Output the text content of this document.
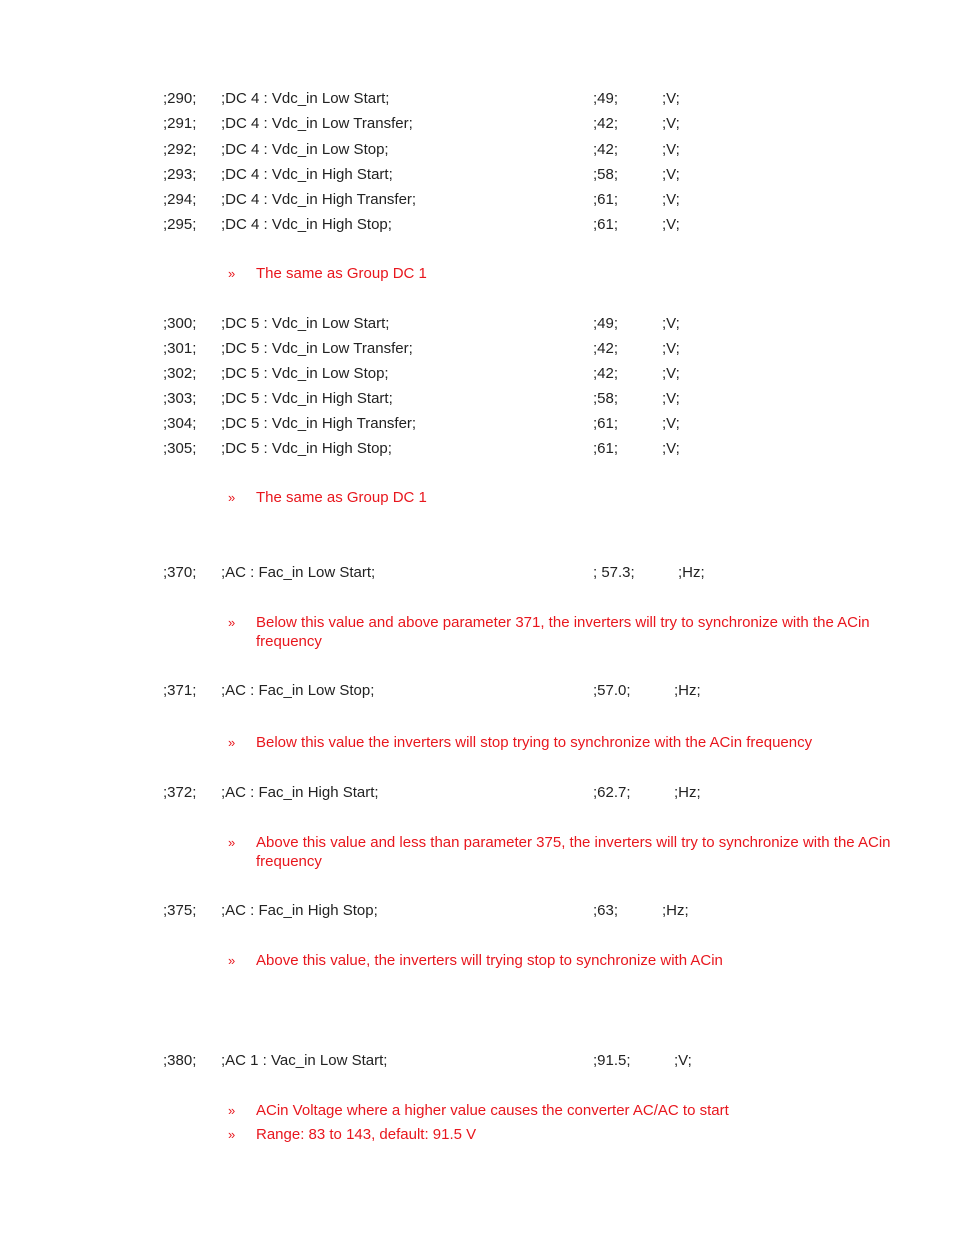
;290; ;DC 4 : Vdc_in Low Start;	;49;	;V;
;291; ;DC 4 : Vdc_in Low Transfer;	;42;	;V;
;292; ;DC 4 : Vdc_in Low Stop;	;42;	;V;
;293; ;DC 4 : Vdc_in High Start;	;58;	;V;
;294; ;DC 4 : Vdc_in High Transfer;	;61;	;V;
;295; ;DC 4 : Vdc_in High Stop;	;61;	;V;
» The same as Group DC 1
;300; ;DC 5 : Vdc_in Low Start;	;49;	;V;
;301; ;DC 5 : Vdc_in Low Transfer;	;42;	;V;
;302; ;DC 5 : Vdc_in Low Stop;	;42;	;V;
;303; ;DC 5 : Vdc_in High Start;	;58;	;V;
;304; ;DC 5 : Vdc_in High Transfer;	;61;	;V;
;305; ;DC 5 : Vdc_in High Stop;	;61;	;V;
» The same as Group DC 1
;370; ;AC : Fac_in Low Start;	; 57.3;	;Hz;
» Below this value and above parameter 371, the inverters will try to synchronize with the ACin frequency
;371; ;AC : Fac_in Low Stop;	;57.0;	;Hz;
» Below this value the inverters will stop trying to synchronize with the ACin frequency
;372; ;AC : Fac_in High Start;	;62.7;	;Hz;
» Above this value and less than parameter 375, the inverters will try to synchronize with the ACin frequency
;375; ;AC : Fac_in High Stop;	;63;	;Hz;
» Above this value, the inverters will trying stop to synchronize with ACin
;380; ;AC 1 : Vac_in Low Start;	;91.5;	;V;
» ACin Voltage where a higher value causes the converter AC/AC to start
» Range: 83 to 143, default: 91.5 V
